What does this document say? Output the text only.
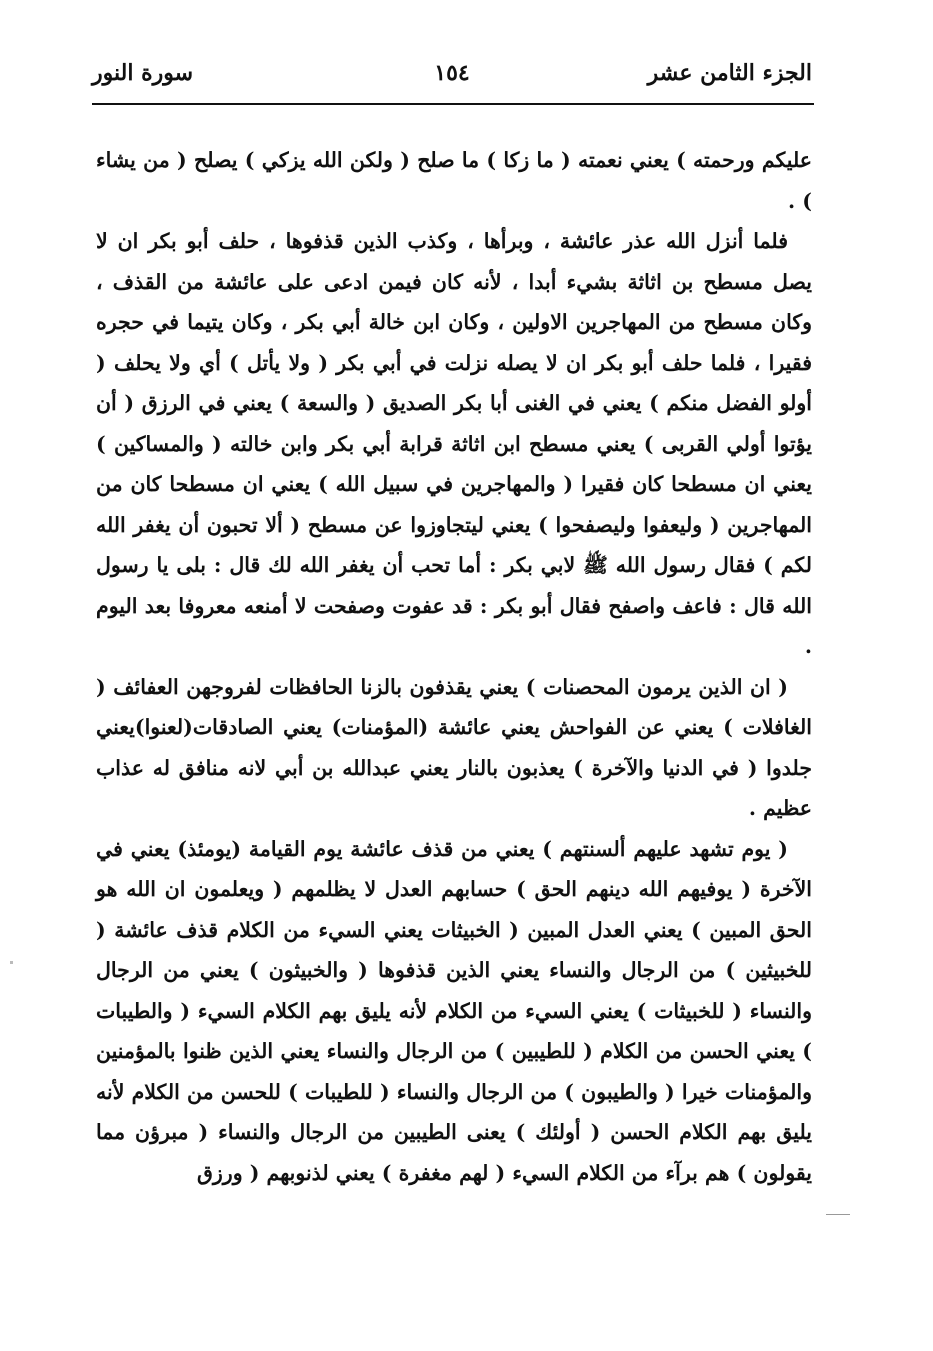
الجزء الثامن عشر
١٥٤
سورة النور

عليكم ورحمته ) يعني نعمته ( ما زكا ) ما صلح ( ولكن الله يزكي ) يصلح ( من يشاء ) .

فلما أنزل الله عذر عائشة ، وبرأها ، وكذب الذين قذفوها ، حلف أبو بكر ان لا يصل مسطح بن اثاثة بشيء أبدا ، لأنه كان فيمن ادعى على عائشة من القذف ، وكان مسطح من المهاجرين الاولين ، وكان ابن خالة أبي بكر ، وكان يتيما في حجره فقيرا ، فلما حلف أبو بكر ان لا يصله نزلت في أبي بكر ( ولا يأتل ) أي ولا يحلف ( أولو الفضل منكم ) يعني في الغنى أبا بكر الصديق ( والسعة ) يعني في الرزق ( أن يؤتوا أولي القربى ) يعني مسطح ابن اثاثة قرابة أبي بكر وابن خالته ( والمساكين ) يعني ان مسطحا كان فقيرا ( والمهاجرين في سبيل الله ) يعني ان مسطحا كان من المهاجرين ( وليعفوا وليصفحوا ) يعني ليتجاوزوا عن مسطح ( ألا تحبون أن يغفر الله لكم ) فقال رسول الله ﷺ لابي بكر : أما تحب أن يغفر الله لك قال : بلى يا رسول الله قال : فاعف واصفح فقال أبو بكر : قد عفوت وصفحت لا أمنعه معروفا بعد اليوم .

( ان الذين يرمون المحصنات ) يعني يقذفون بالزنا الحافظات لفروجهن العفائف ( الغافلات ) يعني عن الفواحش يعني عائشة (المؤمنات) يعني الصادقات(لعنوا)يعني جلدوا ( في الدنيا والآخرة ) يعذبون بالنار يعني عبدالله بن أبي لانه منافق له عذاب عظيم .

( يوم تشهد عليهم ألسنتهم ) يعني من قذف عائشة يوم القيامة (يومئذ) يعني في الآخرة ( يوفيهم الله دينهم الحق ) حسابهم العدل لا يظلمهم ( ويعلمون ان الله هو الحق المبين ) يعني العدل المبين ( الخبيثات يعني السيء من الكلام قذف عائشة ( للخبيثين ) من الرجال والنساء يعني الذين قذفوها ( والخبيثون ) يعني من الرجال والنساء ( للخبيثات ) يعني السيء من الكلام لأنه يليق بهم الكلام السيء ( والطيبات ) يعني الحسن من الكلام ( للطيبين ) من الرجال والنساء يعني الذين ظنوا بالمؤمنين والمؤمنات خيرا ( والطيبون ) من الرجال والنساء ( للطيبات ) للحسن من الكلام لأنه يليق بهم الكلام الحسن ( أولئك ) يعنى الطيبين من الرجال والنساء ( مبرؤن مما يقولون ) هم برآء من الكلام السيء ( لهم مغفرة ) يعني لذنوبهم ( ورزق
